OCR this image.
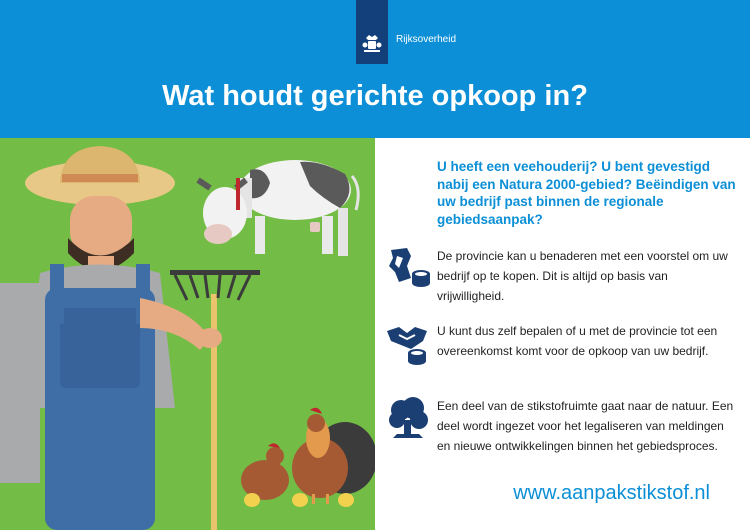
Rijksoverheid
Wat houdt gerichte opkoop in?
U heeft een veehouderij? U bent gevestigd nabij een Natura 2000-gebied? Beëindigen van uw bedrijf past binnen de regionale gebiedsaanpak?
De provincie kan u benaderen met een voorstel om uw bedrijf op te kopen. Dit is altijd op basis van vrijwilligheid.
U kunt dus zelf bepalen of u met de provincie tot een overeenkomst komt voor de opkoop van uw bedrijf.
Een deel van de stikstofruimte gaat naar de natuur. Een deel wordt ingezet voor het legaliseren van meldingen en nieuwe ontwikkelingen binnen het gebiedsproces.
www.aanpakstikstof.nl
